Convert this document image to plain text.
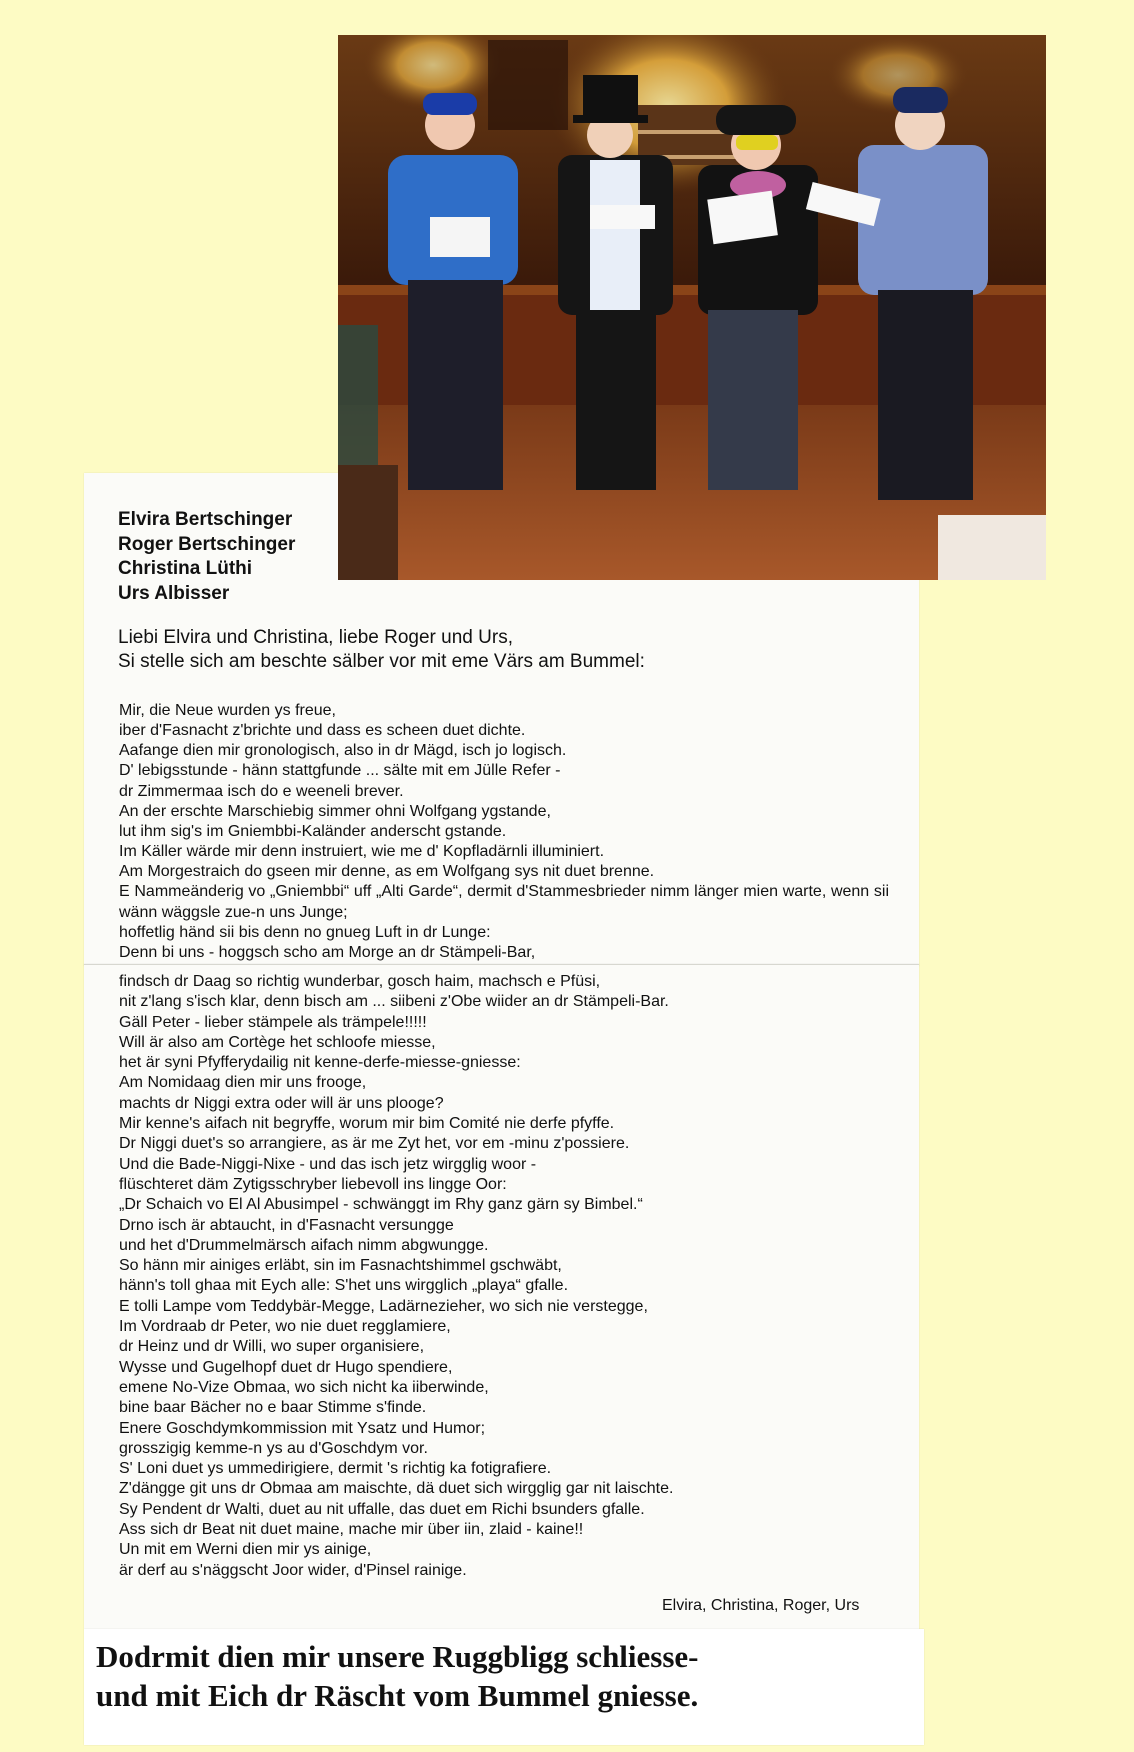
Elvira Bertschinger
Roger Bertschinger
Christina Lüthi
Urs Albisser
Liebi Elvira und Christina, liebe Roger und Urs,
Si stelle sich am beschte sälber vor mit eme Värs am Bummel:
Mir, die Neue wurden ys freue,
iber d'Fasnacht z'brichte und dass es scheen duet dichte.
Aafange dien mir gronologisch, also in dr Mägd, isch jo logisch.
D' lebigsstunde - hänn stattgfunde ... sälte mit em Jülle Refer -
dr Zimmermaa isch do e weeneli brever.
An der erschte Marschiebig simmer ohni Wolfgang ygstande,
lut ihm sig's im Gniembbi-Kaländer anderscht gstande.
Im Käller wärde mir denn instruiert, wie me d' Kopfladärnli illuminiert.
Am Morgestraich do gseen mir denne, as em Wolfgang sys nit duet brenne.
E Nammeänderig vo „Gniembbi“ uff „Alti Garde“, dermit d'Stammesbrieder nimm länger mien warte, wenn sii wänn wäggsle zue-n uns Junge;
hoffetlig händ sii bis denn no gnueg Luft in dr Lunge:
Denn bi uns - hoggsch scho am Morge an dr Stämpeli-Bar,
findsch dr Daag so richtig wunderbar, gosch haim, machsch e Pfüsi,
nit z'lang s'isch klar, denn bisch am ... siibeni z'Obe wiider an dr Stämpeli-Bar.
Gäll Peter - lieber stämpele als trämpele!!!!!
Will är also am Cortège het schloofe miesse,
het är syni Pfyfferydailig nit kenne-derfe-miesse-gniesse:
Am Nomidaag dien mir uns frooge,
machts dr Niggi extra oder will är uns plooge?
Mir kenne's aifach nit begryffe, worum mir bim Comité nie derfe pfyffe.
Dr Niggi duet's so arrangiere, as är me Zyt het, vor em -minu z'possiere.
Und die Bade-Niggi-Nixe - und das isch jetz wirgglig woor -
flüschteret däm Zytigsschryber liebevoll ins lingge Oor:
„Dr Schaich vo El Al Abusimpel - schwänggt im Rhy ganz gärn sy Bimbel.“
Drno isch är abtaucht, in d'Fasnacht versungge
und het d'Drummelmärsch aifach nimm abgwungge.
So hänn mir ainiges erläbt, sin im Fasnachtshimmel gschwäbt,
hänn's toll ghaa mit Eych alle: S'het uns wirgglich „playa“ gfalle.
E tolli Lampe vom Teddybär-Megge, Ladärnezieher, wo sich nie verstegge,
Im Vordraab dr Peter, wo nie duet regglamiere,
dr Heinz und dr Willi, wo super organisiere,
Wysse und Gugelhopf duet dr Hugo spendiere,
emene No-Vize Obmaa, wo sich nicht ka iiberwinde,
bine baar Bächer no e baar Stimme s'finde.
Enere Goschdymkommission mit Ysatz und Humor;
grosszigig kemme-n ys au d'Goschdym vor.
S' Loni duet ys ummedirigiere, dermit 's richtig ka fotigrafiere.
Z'dängge git uns dr Obmaa am maischte, dä duet sich wirgglig gar nit laischte.
Sy Pendent dr Walti, duet au nit uffalle, das duet em Richi bsunders gfalle.
Ass sich dr Beat nit duet maine, mache mir über iin, zlaid - kaine!!
Un mit em Werni dien mir ys ainige,
är derf au s'näggscht Joor wider, d'Pinsel rainige.
Elvira, Christina, Roger, Urs
Dodrmit dien mir unsere Ruggbligg schliesse-
und mit Eich dr Räscht vom Bummel gniesse.
